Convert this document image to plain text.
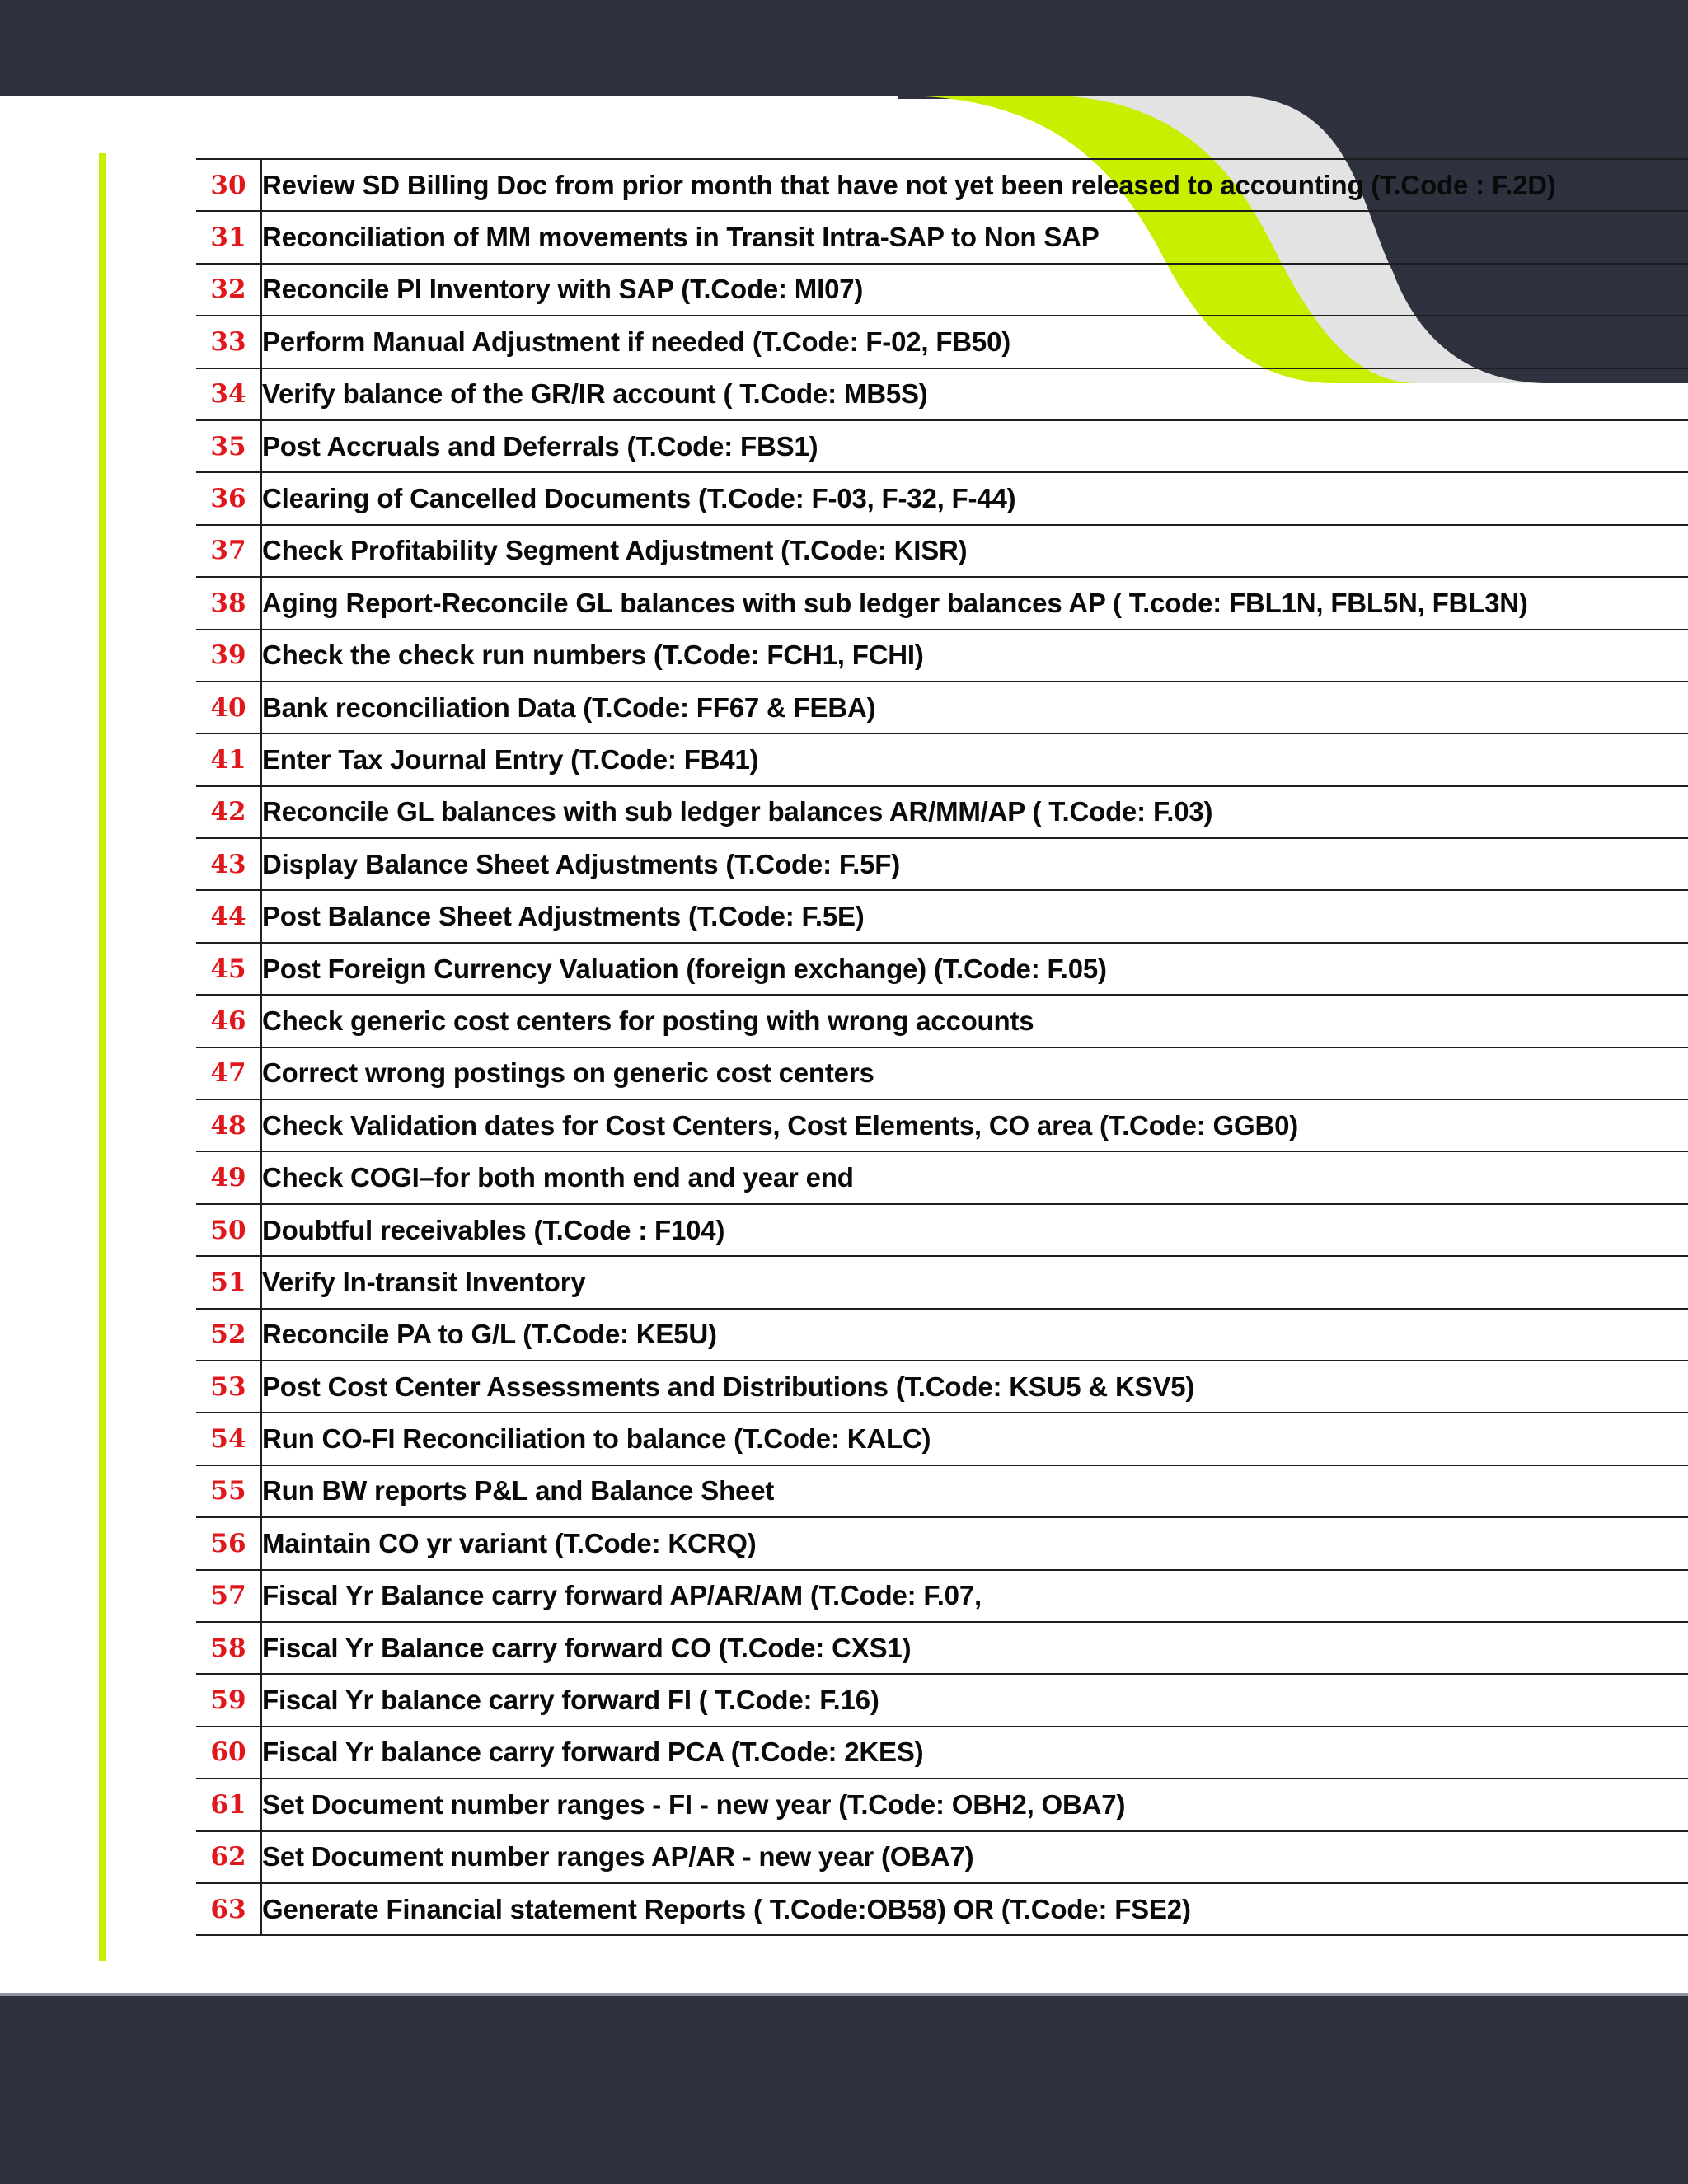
30	Review SD Billing Doc from prior month that have not yet been released to accounting (T.Code : F.2D)
31	Reconciliation of MM movements in Transit Intra-SAP to Non SAP
32	Reconcile PI Inventory with SAP (T.Code: MI07)
33	Perform Manual Adjustment if needed (T.Code: F-02, FB50)
34	Verify balance of the GR/IR account ( T.Code: MB5S)
35	Post Accruals and Deferrals (T.Code: FBS1)
36	Clearing of Cancelled Documents (T.Code: F-03, F-32, F-44)
37	Check Profitability Segment Adjustment (T.Code: KISR)
38	Aging Report-Reconcile GL balances with sub ledger balances AP ( T.code: FBL1N, FBL5N, FBL3N)
39	Check the check run numbers (T.Code: FCH1, FCHI)
40	Bank reconciliation Data (T.Code: FF67 & FEBA)
41	Enter Tax Journal Entry (T.Code: FB41)
42	Reconcile GL balances with sub ledger balances AR/MM/AP ( T.Code: F.03)
43	Display Balance Sheet Adjustments (T.Code: F.5F)
44	Post Balance Sheet Adjustments (T.Code: F.5E)
45	Post Foreign Currency Valuation (foreign exchange) (T.Code: F.05)
46	Check generic cost centers for posting with wrong accounts
47	Correct wrong postings on generic cost centers
48	Check Validation dates for Cost Centers, Cost Elements, CO area (T.Code: GGB0)
49	Check COGI–for both month end and year end
50	Doubtful receivables (T.Code : F104)
51	Verify In-transit Inventory
52	Reconcile PA to G/L (T.Code: KE5U)
53	Post Cost Center Assessments and Distributions (T.Code: KSU5 & KSV5)
54	Run CO-FI Reconciliation to balance (T.Code: KALC)
55	Run BW reports P&L and Balance Sheet
56	Maintain CO yr variant (T.Code: KCRQ)
57	Fiscal Yr Balance carry forward AP/AR/AM (T.Code: F.07,
58	Fiscal Yr Balance carry forward CO (T.Code: CXS1)
59	Fiscal Yr balance carry forward FI ( T.Code: F.16)
60	Fiscal Yr balance carry forward PCA (T.Code: 2KES)
61	Set Document number ranges - FI - new year (T.Code: OBH2, OBA7)
62	Set Document number ranges AP/AR - new year (OBA7)
63	Generate Financial statement Reports ( T.Code:OB58) OR (T.Code: FSE2)
